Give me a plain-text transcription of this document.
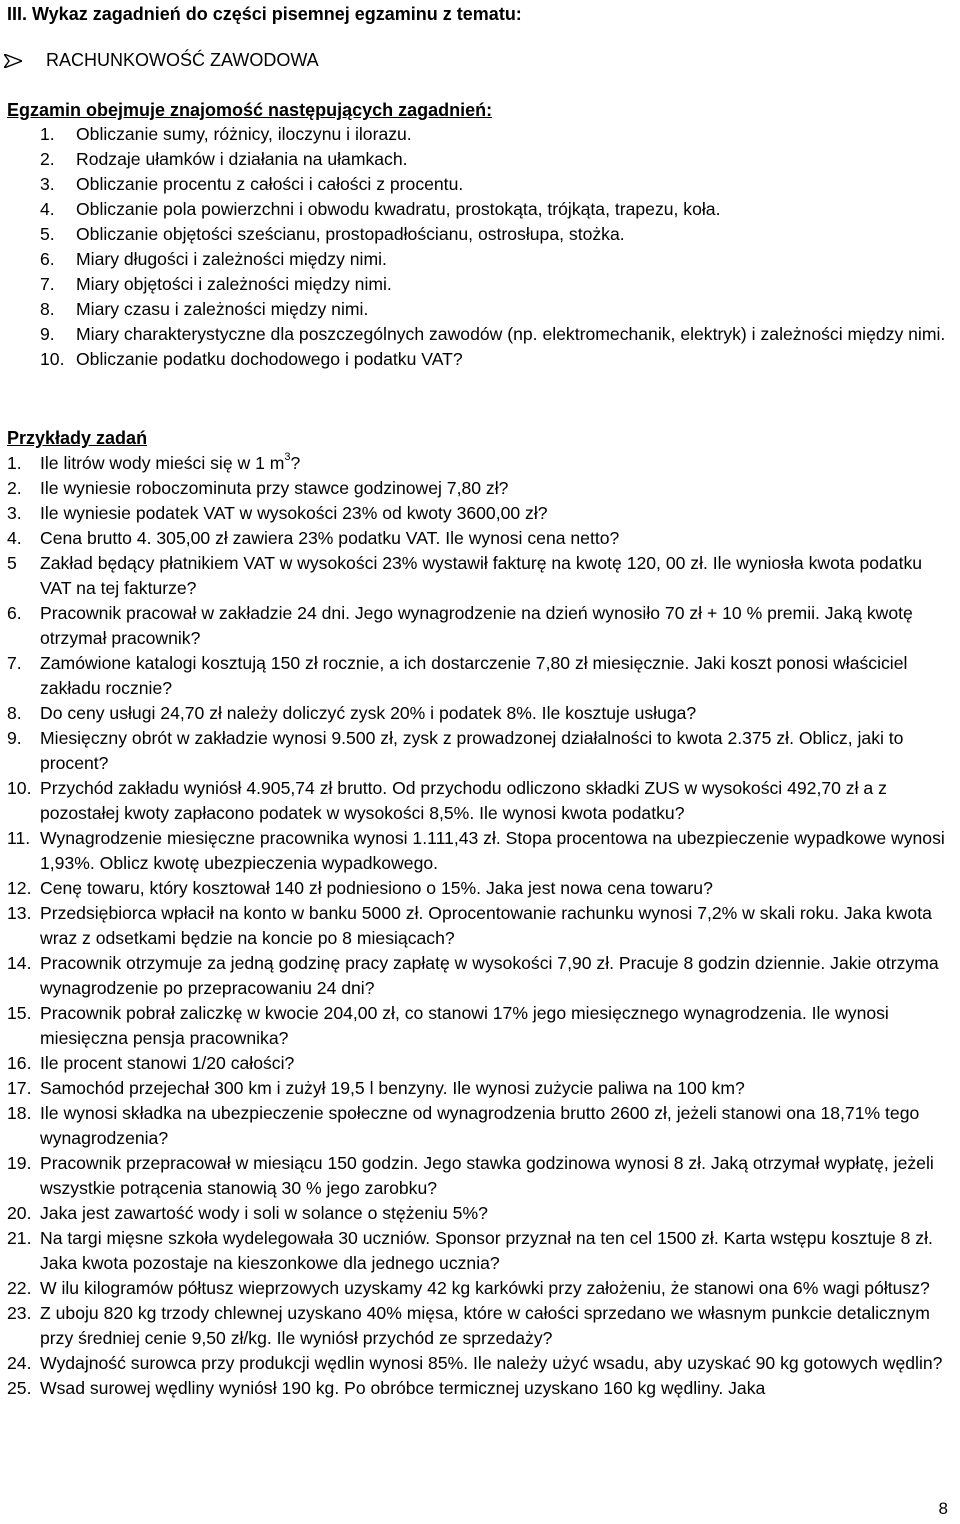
III. Wykaz zagadnień do części pisemnej egzaminu z tematu:
RACHUNKOWOŚĆ ZAWODOWA
Egzamin obejmuje znajomość następujących zagadnień:
1.	Obliczanie sumy, różnicy, iloczynu i ilorazu.
2.	Rodzaje ułamków i działania na ułamkach.
3.	Obliczanie procentu z całości i całości z procentu.
4.	Obliczanie pola powierzchni i obwodu kwadratu, prostokąta, trójkąta, trapezu, koła.
5.	Obliczanie objętości sześcianu, prostopadłościanu, ostrosłupa, stożka.
6.	Miary długości i zależności między nimi.
7.	Miary objętości i zależności między nimi.
8.	Miary czasu i zależności między nimi.
9.	Miary charakterystyczne dla poszczególnych zawodów (np. elektromechanik, elektryk) i zależności między nimi.
10. Obliczanie podatku dochodowego i podatku VAT?
Przykłady zadań
1.	Ile litrów wody mieści się w 1 $m^3$?
2.	Ile wyniesie roboczominuta przy stawce godzinowej 7,80 zł?
3.	Ile wyniesie podatek VAT w wysokości 23% od kwoty 3600,00 zł?
4.	Cena brutto 4. 305,00 zł zawiera 23% podatku VAT. Ile wynosi cena netto?
5	Zakład będący płatnikiem VAT w wysokości 23% wystawił fakturę na kwotę 120, 00 zł. Ile wyniosła kwota podatku VAT na tej fakturze?
6.	Pracownik pracował w zakładzie 24 dni. Jego wynagrodzenie na dzień wynosiło 70 zł + 10 % premii. Jaką kwotę otrzymał pracownik?
7.	Zamówione katalogi kosztują 150 zł rocznie, a ich dostarczenie 7,80 zł miesięcznie. Jaki koszt ponosi właściciel zakładu rocznie?
8.	Do ceny usługi 24,70 zł należy doliczyć zysk 20% i podatek 8%. Ile kosztuje usługa?
9.	Miesięczny obrót w zakładzie wynosi 9.500 zł, zysk z prowadzonej działalności to kwota 2.375 zł. Oblicz, jaki to procent?
10. Przychód zakładu wyniósł 4.905,74 zł brutto. Od przychodu odliczono składki ZUS w wysokości 492,70 zł a z pozostałej kwoty zapłacono podatek w wysokości 8,5%. Ile wynosi kwota podatku?
11. Wynagrodzenie miesięczne pracownika wynosi 1.111,43 zł. Stopa procentowa na ubezpieczenie wypadkowe wynosi 1,93%. Oblicz kwotę ubezpieczenia wypadkowego.
12. Cenę towaru, który kosztował 140 zł podniesiono o 15%. Jaka jest nowa cena towaru?
13. Przedsiębiorca wpłacił na konto w banku 5000 zł. Oprocentowanie rachunku wynosi 7,2% w skali roku. Jaka kwota wraz z odsetkami będzie na koncie po 8 miesiącach?
14. Pracownik otrzymuje za jedną godzinę pracy zapłatę w wysokości 7,90 zł. Pracuje 8 godzin dziennie. Jakie otrzyma wynagrodzenie po przepracowaniu 24 dni?
15. Pracownik pobrał zaliczkę w kwocie 204,00 zł, co stanowi 17% jego miesięcznego wynagrodzenia. Ile wynosi miesięczna pensja pracownika?
16. Ile procent stanowi 1/20 całości?
17. Samochód przejechał 300 km i zużył 19,5 l benzyny. Ile wynosi zużycie paliwa na 100 km?
18. Ile wynosi składka na ubezpieczenie społeczne od wynagrodzenia brutto 2600 zł, jeżeli stanowi ona 18,71% tego wynagrodzenia?
19. Pracownik przepracował w miesiącu 150 godzin. Jego stawka godzinowa wynosi 8 zł. Jaką otrzymał wypłatę, jeżeli wszystkie potrącenia stanowią 30 % jego zarobku?
20. Jaka jest zawartość wody i soli w solance o stężeniu 5%?
21. Na targi mięsne szkoła wydelegowała 30 uczniów. Sponsor przyznał na ten cel 1500 zł. Karta wstępu kosztuje 8 zł. Jaka kwota pozostaje na kieszonkowe dla jednego ucznia?
22. W ilu kilogramów półtusz wieprzowych uzyskamy 42 kg karkówki przy założeniu, że stanowi ona 6% wagi półtusz?
23. Z uboju 820 kg trzody chlewnej uzyskano 40% mięsa, które w całości sprzedano we własnym punkcie detalicznym przy średniej cenie 9,50 zł/kg. Ile wyniósł przychód ze sprzedaży?
24. Wydajność surowca przy produkcji wędlin wynosi 85%. Ile należy użyć wsadu, aby uzyskać 90 kg gotowych wędlin?
25. Wsad surowej wędliny wyniósł 190 kg. Po obróbce termicznej uzyskano 160 kg wędliny. Jaka
8
